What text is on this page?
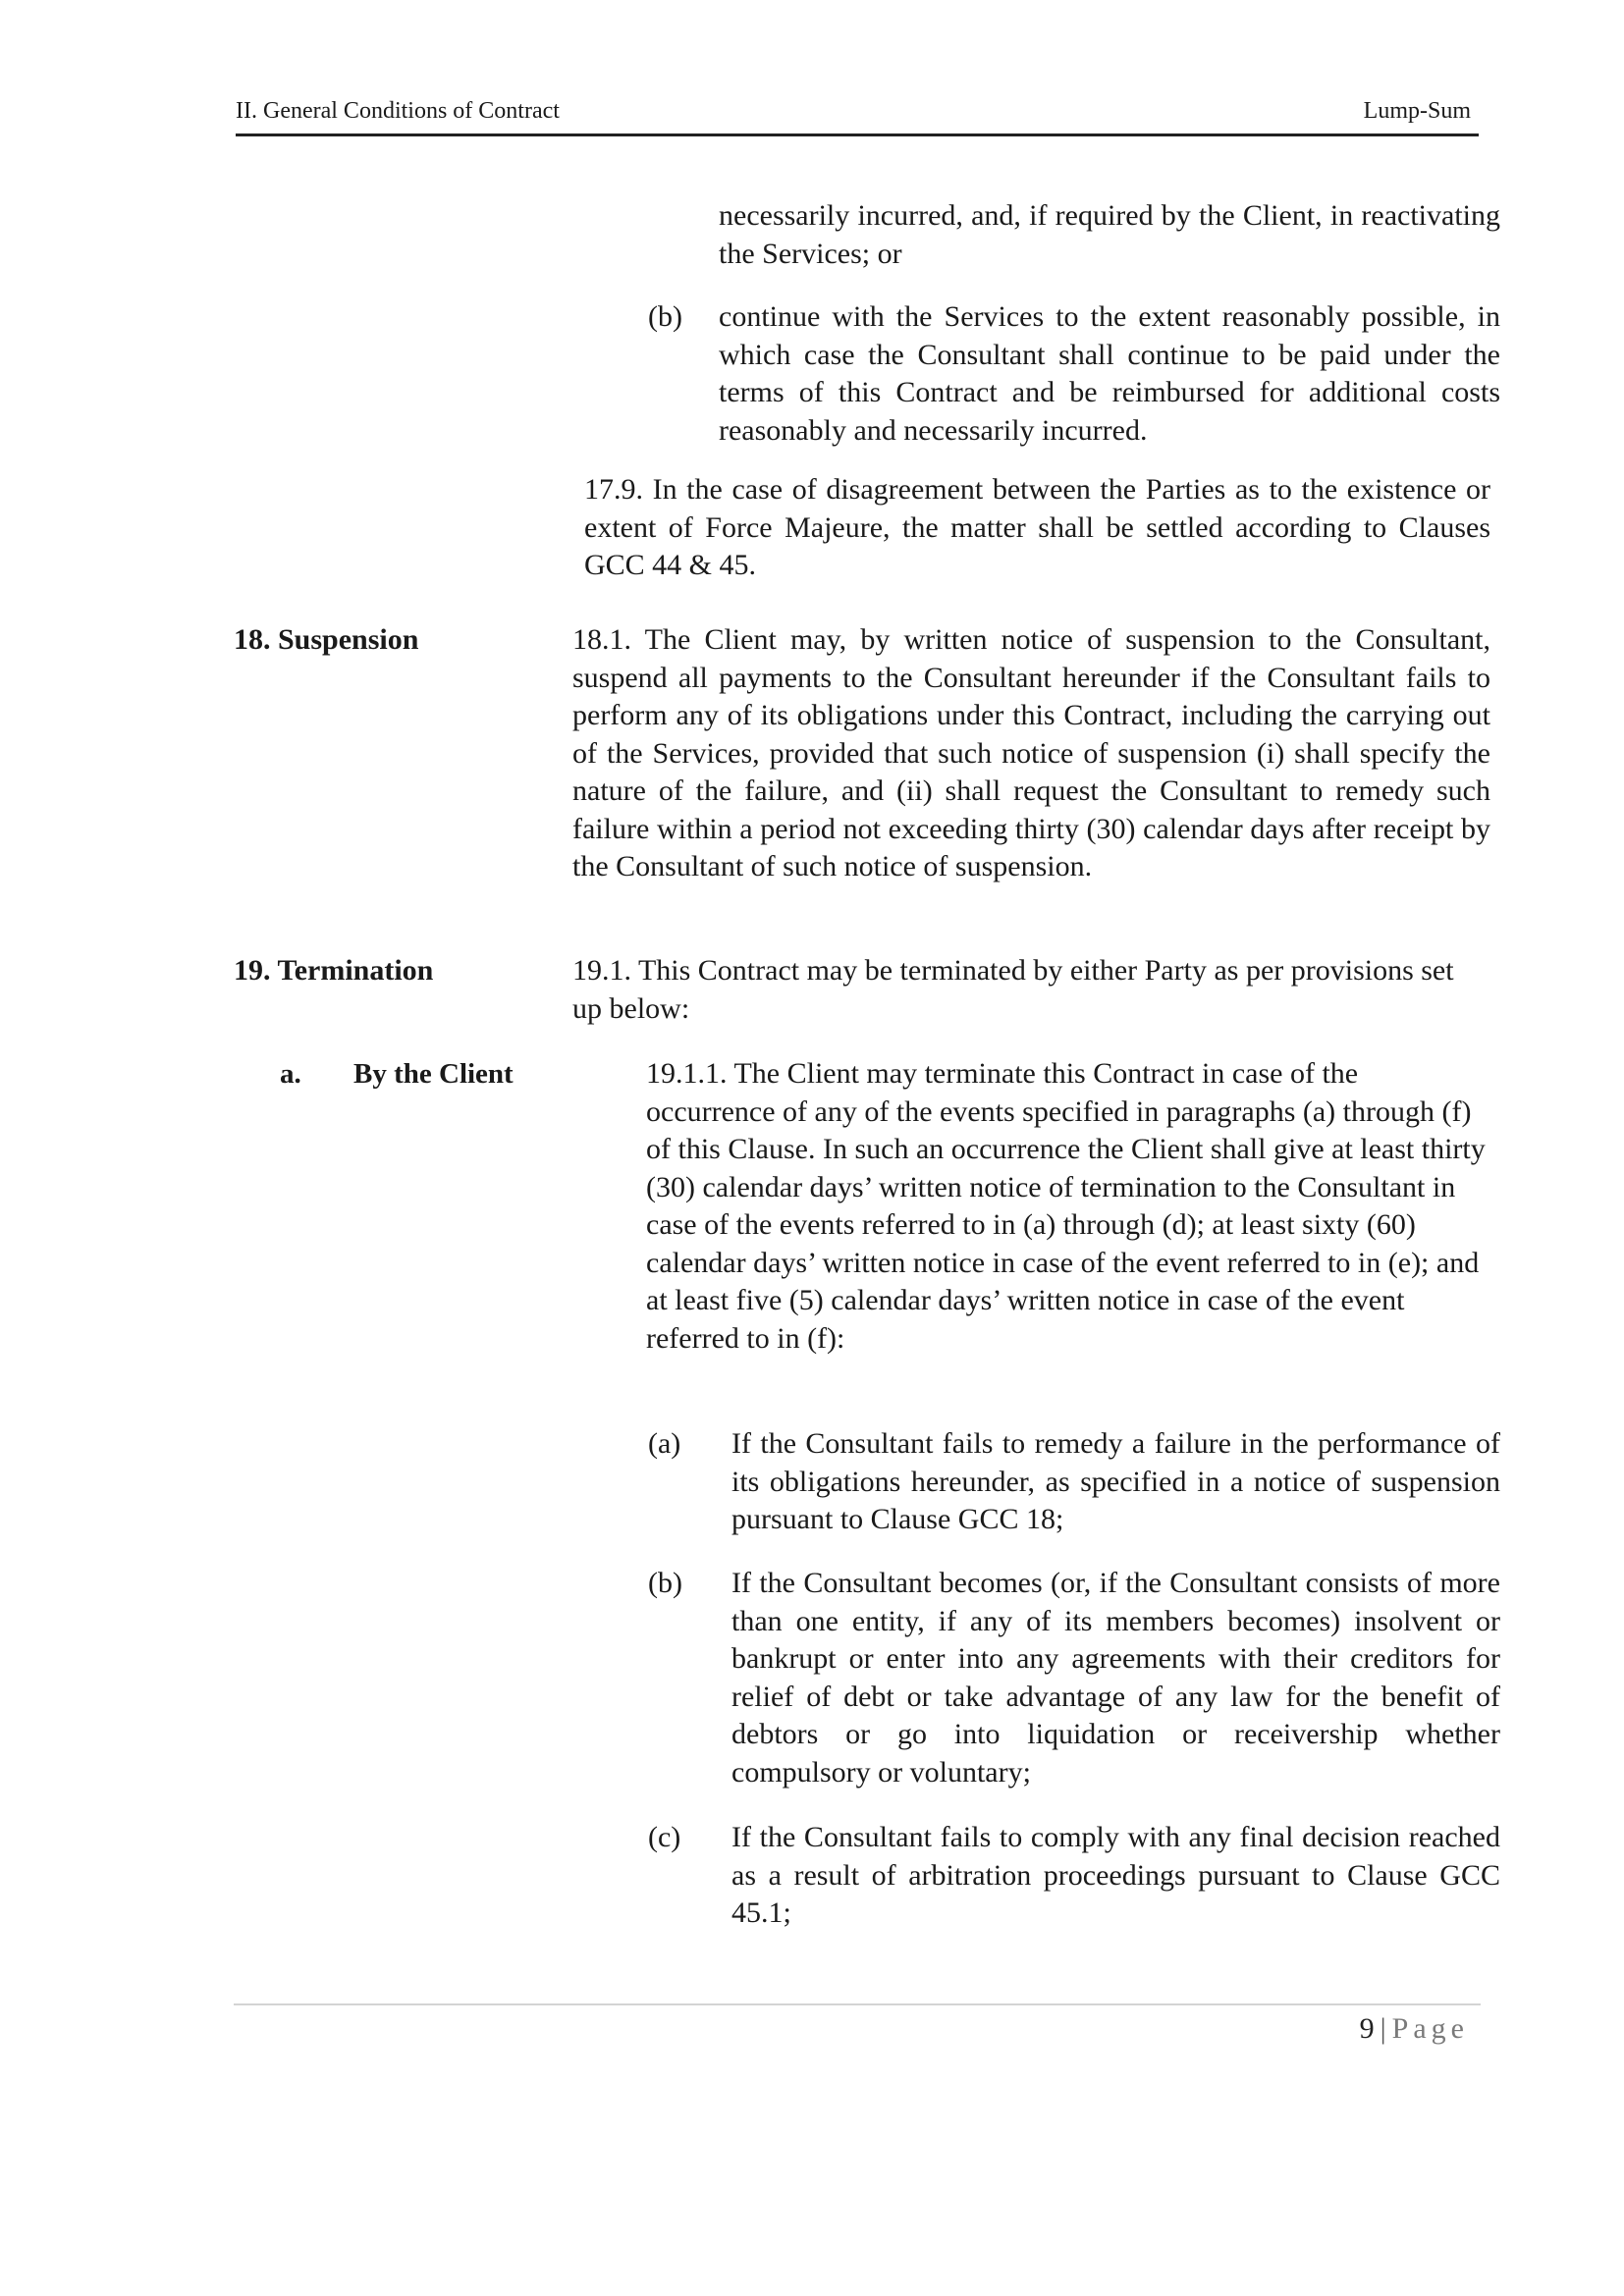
II. General Conditions of Contract	Lump-Sum

necessarily incurred, and, if required by the Client, in reactivating the Services; or

(b) continue with the Services to the extent reasonably possible, in which case the Consultant shall continue to be paid under the terms of this Contract and be reimbursed for additional costs reasonably and necessarily incurred.

17.9. In the case of disagreement between the Parties as to the existence or extent of Force Majeure, the matter shall be settled according to Clauses GCC 44 & 45.

18. Suspension	18.1. The Client may, by written notice of suspension to the Consultant, suspend all payments to the Consultant hereunder if the Consultant fails to perform any of its obligations under this Contract, including the carrying out of the Services, provided that such notice of suspension (i) shall specify the nature of the failure, and (ii) shall request the Consultant to remedy such failure within a period not exceeding thirty (30) calendar days after receipt by the Consultant of such notice of suspension.

19. Termination	19.1. This Contract may be terminated by either Party as per provisions set up below:

a. By the Client	19.1.1. The Client may terminate this Contract in case of the occurrence of any of the events specified in paragraphs (a) through (f) of this Clause. In such an occurrence the Client shall give at least thirty (30) calendar days’ written notice of termination to the Consultant in case of the events referred to in (a) through (d); at least sixty (60) calendar days’ written notice in case of the event referred to in (e); and at least five (5) calendar days’ written notice in case of the event referred to in (f):

(a) If the Consultant fails to remedy a failure in the performance of its obligations hereunder, as specified in a notice of suspension pursuant to Clause GCC 18;

(b) If the Consultant becomes (or, if the Consultant consists of more than one entity, if any of its members becomes) insolvent or bankrupt or enter into any agreements with their creditors for relief of debt or take advantage of any law for the benefit of debtors or go into liquidation or receivership whether compulsory or voluntary;

(c) If the Consultant fails to comply with any final decision reached as a result of arbitration proceedings pursuant to Clause GCC 45.1;

9 | Page
